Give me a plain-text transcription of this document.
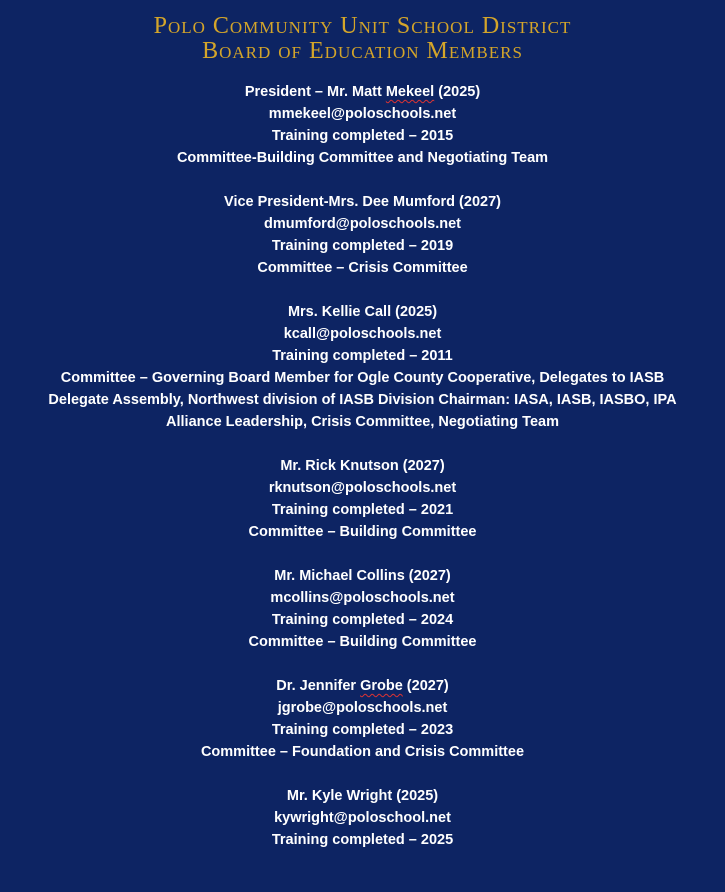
Polo Community Unit School District
Board of Education Members
President – Mr. Matt Mekeel (2025)
mmekeel@poloschools.net
Training completed – 2015
Committee-Building Committee and Negotiating Team
Vice President-Mrs. Dee Mumford (2027)
dmumford@poloschools.net
Training completed – 2019
Committee – Crisis Committee
Mrs. Kellie Call (2025)
kcall@poloschools.net
Training completed – 2011
Committee – Governing Board Member for Ogle County Cooperative, Delegates to IASB Delegate Assembly, Northwest division of IASB Division Chairman: IASA, IASB, IASBO, IPA Alliance Leadership, Crisis Committee, Negotiating Team
Mr. Rick Knutson (2027)
rknutson@poloschools.net
Training completed – 2021
Committee – Building Committee
Mr. Michael Collins (2027)
mcollins@poloschools.net
Training completed – 2024
Committee – Building Committee
Dr. Jennifer Grobe (2027)
jgrobe@poloschools.net
Training completed – 2023
Committee – Foundation and Crisis Committee
Mr. Kyle Wright (2025)
kywright@poloschool.net
Training completed – 2025
